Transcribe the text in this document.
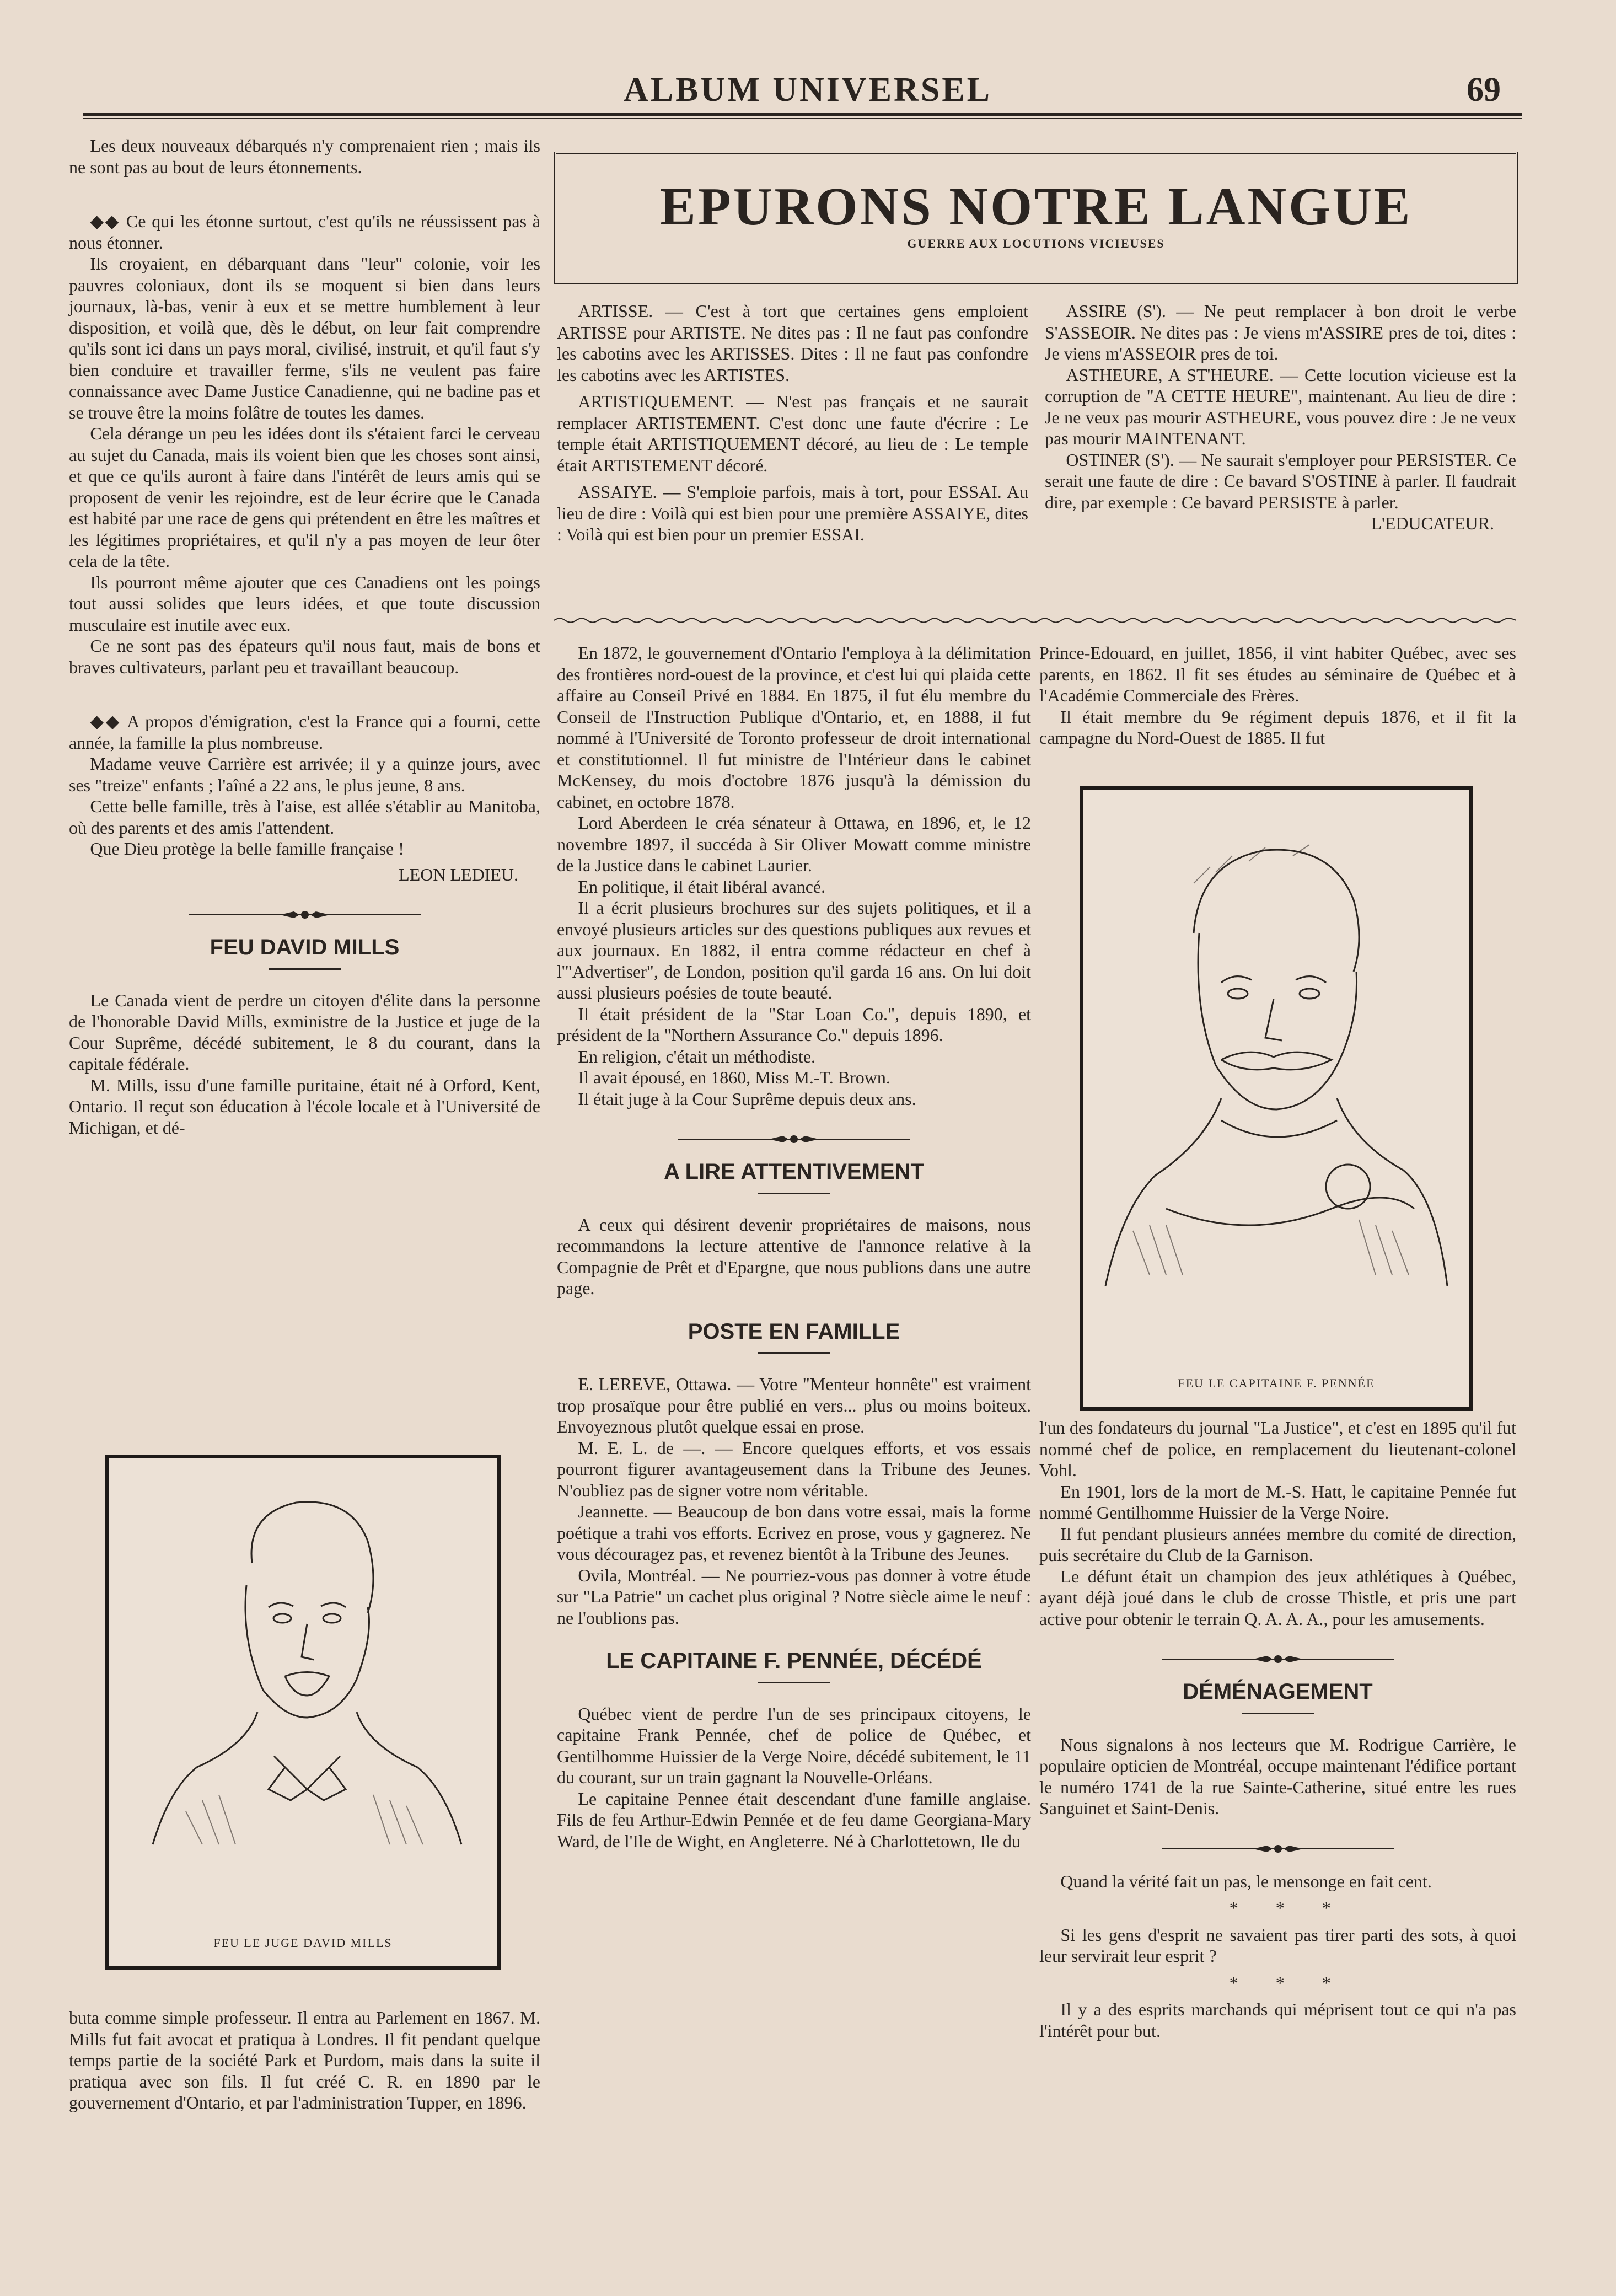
ALBUM UNIVERSEL	69

Les deux nouveaux débarqués n'y comprenaient rien ; mais ils ne sont pas au bout de leurs étonnements.

◆◆ Ce qui les étonne surtout, c'est qu'ils ne réussissent pas à nous étonner.

Ils croyaient, en débarquant dans "leur" colonie, voir les pauvres coloniaux, dont ils se moquent si bien dans leurs journaux, là-bas, venir à eux et se mettre humblement à leur disposition, et voilà que, dès le début, on leur fait comprendre qu'ils sont ici dans un pays moral, civilisé, instruit, et qu'il faut s'y bien conduire et travailler ferme, s'ils ne veulent pas faire connaissance avec Dame Justice Canadienne, qui ne badine pas et se trouve être la moins folâtre de toutes les dames.

Cela dérange un peu les idées dont ils s'étaient farci le cerveau au sujet du Canada, mais ils voient bien que les choses sont ainsi, et que ce qu'ils auront à faire dans l'intérêt de leurs amis qui se proposent de venir les rejoindre, est de leur écrire que le Canada est habité par une race de gens qui prétendent en être les maîtres et les légitimes propriétaires, et qu'il n'y a pas moyen de leur ôter cela de la tête.

Ils pourront même ajouter que ces Canadiens ont les poings tout aussi solides que leurs idées, et que toute discussion musculaire est inutile avec eux.

Ce ne sont pas des épateurs qu'il nous faut, mais de bons et braves cultivateurs, parlant peu et travaillant beaucoup.

◆◆ A propos d'émigration, c'est la France qui a fourni, cette année, la famille la plus nombreuse.

Madame veuve Carrière est arrivée; il y a quinze jours, avec ses "treize" enfants ; l'aîné a 22 ans, le plus jeune, 8 ans.

Cette belle famille, très à l'aise, est allée s'établir au Manitoba, où des parents et des amis l'attendent.

Que Dieu protège la belle famille française !

LEON LEDIEU.

FEU DAVID MILLS

Le Canada vient de perdre un citoyen d'élite dans la personne de l'honorable David Mills, exministre de la Justice et juge de la Cour Suprême, décédé subitement, le 8 du courant, dans la capitale fédérale.

M. Mills, issu d'une famille puritaine, était né à Orford, Kent, Ontario. Il reçut son éducation à l'école locale et à l'Université de Michigan, et dé-

FEU LE JUGE DAVID MILLS

buta comme simple professeur. Il entra au Parlement en 1867. M. Mills fut fait avocat et pratiqua à Londres. Il fit pendant quelque temps partie de la société Park et Purdom, mais dans la suite il pratiqua avec son fils. Il fut créé C. R. en 1890 par le gouvernement d'Ontario, et par l'administration Tupper, en 1896.

EPURONS NOTRE LANGUE
GUERRE AUX LOCUTIONS VICIEUSES

ARTISSE. — C'est à tort que certaines gens emploient ARTISSE pour ARTISTE. Ne dites pas : Il ne faut pas confondre les cabotins avec les ARTISSES. Dites : Il ne faut pas confondre les cabotins avec les ARTISTES.

ARTISTIQUEMENT. — N'est pas français et ne saurait remplacer ARTISTEMENT. C'est donc une faute d'écrire : Le temple était ARTISTIQUEMENT décoré, au lieu de : Le temple était ARTISTEMENT décoré.

ASSAIYE. — S'emploie parfois, mais à tort, pour ESSAI. Au lieu de dire : Voilà qui est bien pour une première ASSAIYE, dites : Voilà qui est bien pour un premier ESSAI.

ASSIRE (S'). — Ne peut remplacer à bon droit le verbe S'ASSEOIR. Ne dites pas : Je viens m'ASSIRE pres de toi, dites : Je viens m'ASSEOIR pres de toi.

ASTHEURE, A ST'HEURE. — Cette locution vicieuse est la corruption de "A CETTE HEURE", maintenant. Au lieu de dire : Je ne veux pas mourir ASTHEURE, vous pouvez dire : Je ne veux pas mourir MAINTENANT.

OSTINER (S'). — Ne saurait s'employer pour PERSISTER. Ce serait une faute de dire : Ce bavard S'OSTINE à parler. Il faudrait dire, par exemple : Ce bavard PERSISTE à parler.

L'EDUCATEUR.

En 1872, le gouvernement d'Ontario l'employa à la délimitation des frontières nord-ouest de la province, et c'est lui qui plaida cette affaire au Conseil Privé en 1884. En 1875, il fut élu membre du Conseil de l'Instruction Publique d'Ontario, et, en 1888, il fut nommé à l'Université de Toronto professeur de droit international et constitutionnel. Il fut ministre de l'Intérieur dans le cabinet McKensey, du mois d'octobre 1876 jusqu'à la démission du cabinet, en octobre 1878.

Lord Aberdeen le créa sénateur à Ottawa, en 1896, et, le 12 novembre 1897, il succéda à Sir Oliver Mowatt comme ministre de la Justice dans le cabinet Laurier.

En politique, il était libéral avancé.

Il a écrit plusieurs brochures sur des sujets politiques, et il a envoyé plusieurs articles sur des questions publiques aux revues et aux journaux. En 1882, il entra comme rédacteur en chef à l'"Advertiser", de London, position qu'il garda 16 ans. On lui doit aussi plusieurs poésies de toute beauté.

Il était président de la "Star Loan Co.", depuis 1890, et président de la "Northern Assurance Co." depuis 1896.

En religion, c'était un méthodiste.

Il avait épousé, en 1860, Miss M.-T. Brown.

Il était juge à la Cour Suprême depuis deux ans.

A LIRE ATTENTIVEMENT

A ceux qui désirent devenir propriétaires de maisons, nous recommandons la lecture attentive de l'annonce relative à la Compagnie de Prêt et d'Epargne, que nous publions dans une autre page.

POSTE EN FAMILLE

E. LEREVE, Ottawa. — Votre "Menteur honnête" est vraiment trop prosaïque pour être publié en vers... plus ou moins boiteux. Envoyeznous plutôt quelque essai en prose.

M. E. L. de —. — Encore quelques efforts, et vos essais pourront figurer avantageusement dans la Tribune des Jeunes. N'oubliez pas de signer votre nom véritable.

Jeannette. — Beaucoup de bon dans votre essai, mais la forme poétique a trahi vos efforts. Ecrivez en prose, vous y gagnerez. Ne vous découragez pas, et revenez bientôt à la Tribune des Jeunes.

Ovila, Montréal. — Ne pourriez-vous pas donner à votre étude sur "La Patrie" un cachet plus original ? Notre siècle aime le neuf : ne l'oublions pas.

LE CAPITAINE F. PENNÉE, DÉCÉDÉ

Québec vient de perdre l'un de ses principaux citoyens, le capitaine Frank Pennée, chef de police de Québec, et Gentilhomme Huissier de la Verge Noire, décédé subitement, le 11 du courant, sur un train gagnant la Nouvelle-Orléans.

Le capitaine Pennee était descendant d'une famille anglaise. Fils de feu Arthur-Edwin Pennée et de feu dame Georgiana-Mary Ward, de l'Ile de Wight, en Angleterre. Né à Charlottetown, Ile du

Prince-Edouard, en juillet, 1856, il vint habiter Québec, avec ses parents, en 1862. Il fit ses études au séminaire de Québec et à l'Académie Commerciale des Frères.

Il était membre du 9e régiment depuis 1876, et il fit la campagne du Nord-Ouest de 1885. Il fut

FEU LE CAPITAINE F. PENNÉE

l'un des fondateurs du journal "La Justice", et c'est en 1895 qu'il fut nommé chef de police, en remplacement du lieutenant-colonel Vohl.

En 1901, lors de la mort de M.-S. Hatt, le capitaine Pennée fut nommé Gentilhomme Huissier de la Verge Noire.

Il fut pendant plusieurs années membre du comité de direction, puis secrétaire du Club de la Garnison.

Le défunt était un champion des jeux athlétiques à Québec, ayant déjà joué dans le club de crosse Thistle, et pris une part active pour obtenir le terrain Q. A. A. A., pour les amusements.

DÉMÉNAGEMENT

Nous signalons à nos lecteurs que M. Rodrigue Carrière, le populaire opticien de Montréal, occupe maintenant l'édifice portant le numéro 1741 de la rue Sainte-Catherine, situé entre les rues Sanguinet et Saint-Denis.

Quand la vérité fait un pas, le mensonge en fait cent.

* * *

Si les gens d'esprit ne savaient pas tirer parti des sots, à quoi leur servirait leur esprit ?

* * *

Il y a des esprits marchands qui méprisent tout ce qui n'a pas l'intérêt pour but.
